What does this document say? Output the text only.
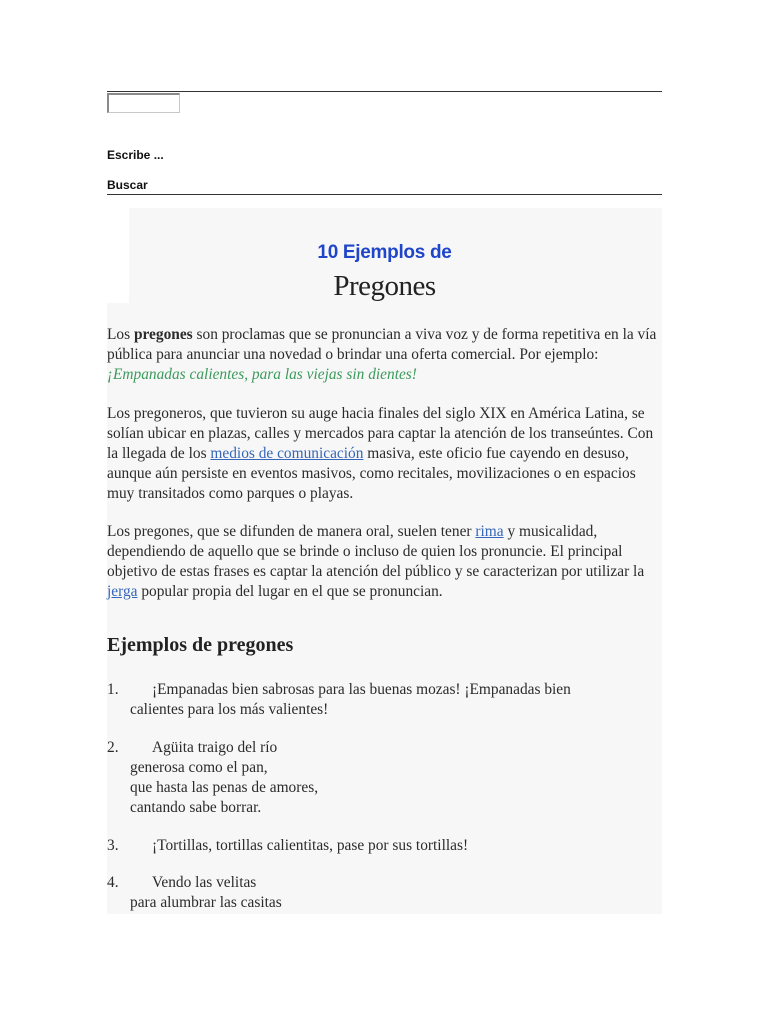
Escribe ...
Buscar
10 Ejemplos de
Pregones

Los pregones son proclamas que se pronuncian a viva voz y de forma repetitiva en la vía pública para anunciar una novedad o brindar una oferta comercial. Por ejemplo: ¡Empanadas calientes, para las viejas sin dientes!

Los pregoneros, que tuvieron su auge hacia finales del siglo XIX en América Latina, se solían ubicar en plazas, calles y mercados para captar la atención de los transeúntes. Con la llegada de los medios de comunicación masiva, este oficio fue cayendo en desuso, aunque aún persiste en eventos masivos, como recitales, movilizaciones o en espacios muy transitados como parques o playas.

Los pregones, que se difunden de manera oral, suelen tener rima y musicalidad, dependiendo de aquello que se brinde o incluso de quien los pronuncie. El principal objetivo de estas frases es captar la atención del público y se caracterizan por utilizar la jerga popular propia del lugar en el que se pronuncian.

Ejemplos de pregones
1. ¡Empanadas bien sabrosas para las buenas mozas! ¡Empanadas bien
calientes para los más valientes!
2. Agüita traigo del río
generosa como el pan,
que hasta las penas de amores,
cantando sabe borrar.
3. ¡Tortillas, tortillas calientitas, pase por sus tortillas!
4. Vendo las velitas
para alumbrar las casitas
